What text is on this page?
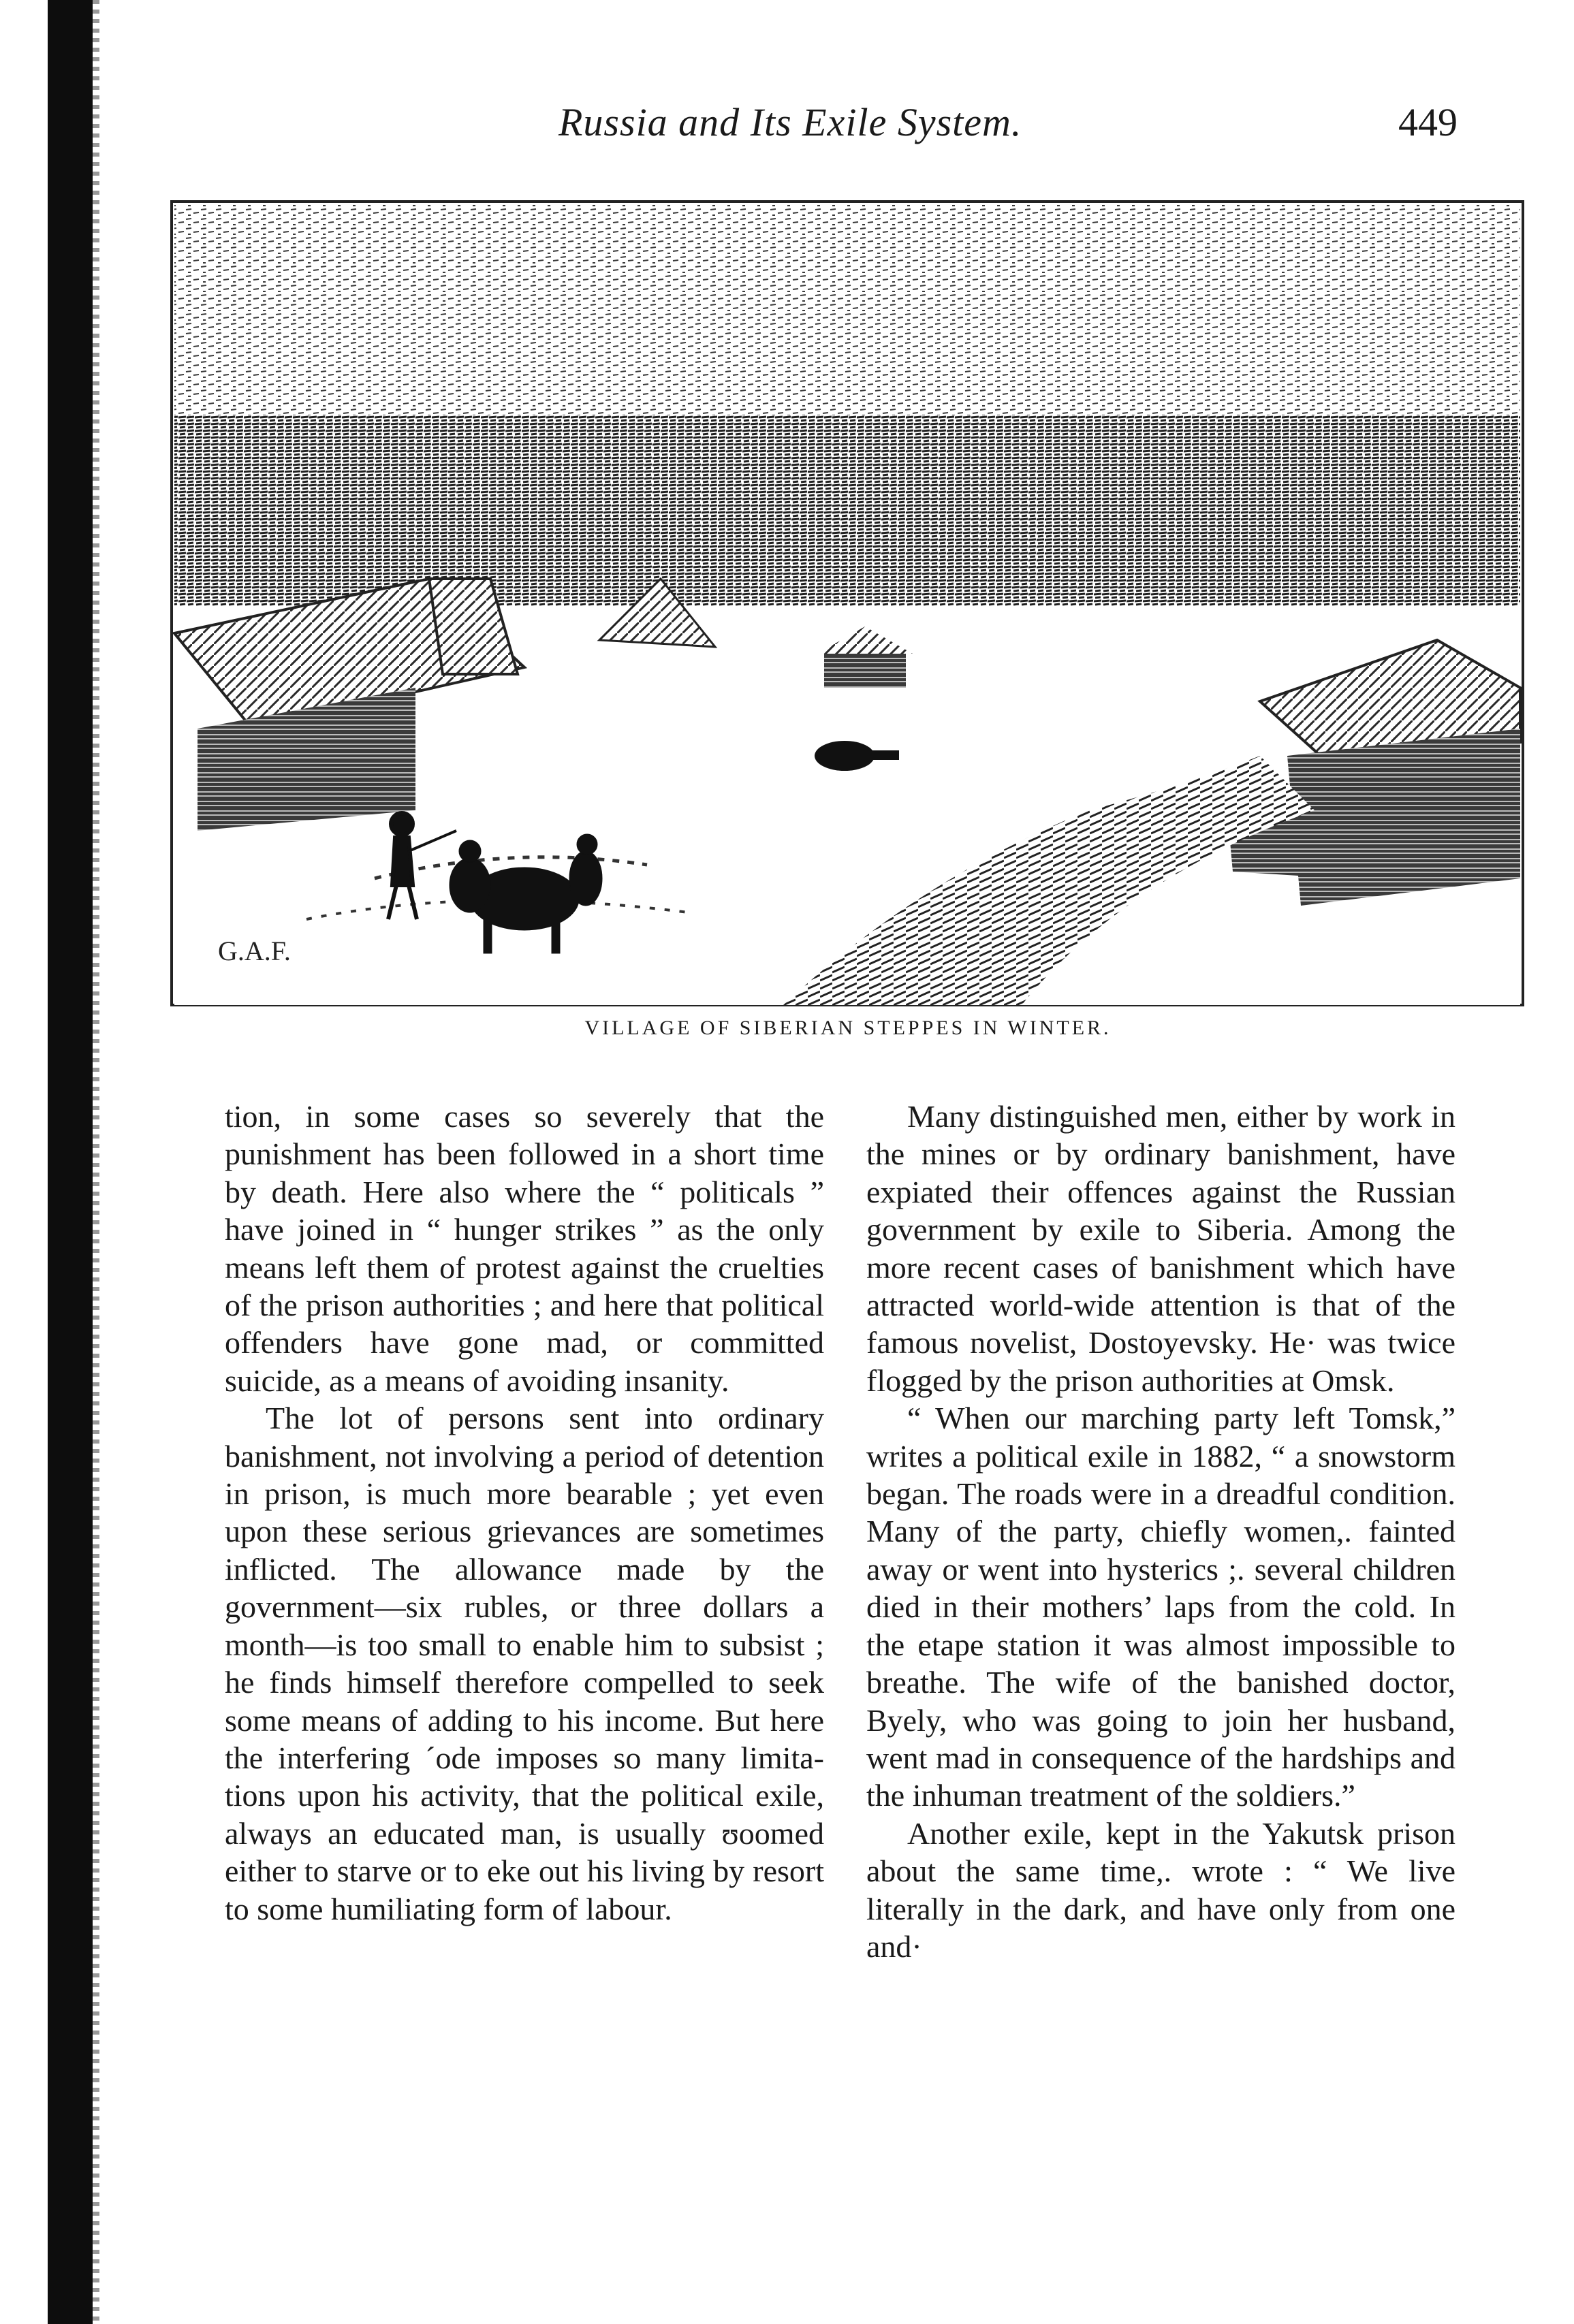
Russia and Its Exile System.	449
G.A.F.
VILLAGE OF SIBERIAN STEPPES IN WINTER.

tion, in some cases so severely that the punishment has been followed in a short time by death. Here also where the “ politicals ” have joined in “ hunger strikes ” as the only means left them of protest against the cruelties of the prison authorities ; and here that political offenders have gone mad, or committed suicide, as a means of avoiding insanity.

The lot of persons sent into ordinary banishment, not involving a period of detention in prison, is much more bearable ; yet even upon these serious grievances are sometimes inflicted. The allowance made by the government—six rubles, or three dollars a month—is too small to enable him to subsist ; he finds himself therefore compelled to seek some means of adding to his income. But here the interfering ´ode imposes so many limitations upon his activity, that the political exile, always an educated man, is usually ʊoomed either to starve or to eke out his living by resort to some humiliating form of labour.

Many distinguished men, either by work in the mines or by ordinary banishment, have expiated their offences against the Russian government by exile to Siberia. Among the more recent cases of banishment which have attracted world-wide attention is that of the famous novelist, Dostoyevsky. He· was twice flogged by the prison authorities at Omsk.

“ When our marching party left Tomsk,” writes a political exile in 1882, “ a snowstorm began. The roads were in a dreadful condition. Many of the party, chiefly women,. fainted away or went into hysterics ;. several children died in their mothers’ laps from the cold. In the etape station it was almost impossible to breathe. The wife of the banished doctor, Byely, who was going to join her husband, went mad in consequence of the hardships and the inhuman treatment of the soldiers.”

Another exile, kept in the Yakutsk prison about the same time,. wrote : “ We live literally in the dark, and have only from one and·
